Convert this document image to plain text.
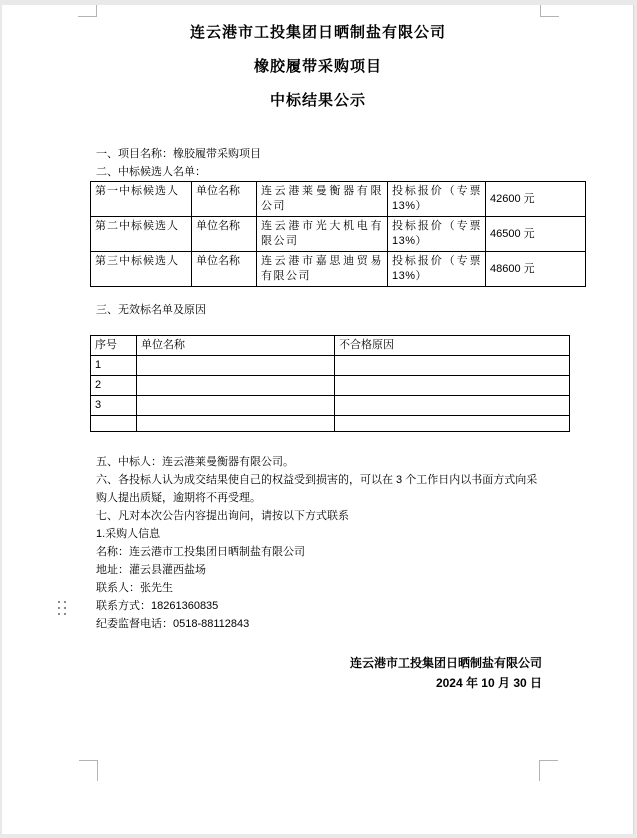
连云港市工投集团日晒制盐有限公司
橡胶履带采购项目
中标结果公示
一、项目名称：橡胶履带采购项目
二、中标候选人名单：
第一中标候选人	单位名称	连云港莱曼衡器有限公司	投标报价（专票13%）	42600 元
第二中标候选人	单位名称	连云港市光大机电有限公司	投标报价（专票13%）	46500 元
第三中标候选人	单位名称	连云港市嘉思迪贸易有限公司	投标报价（专票13%）	48600 元
三、无效标名单及原因
序号	单位名称	不合格原因
1		
2		
3		

五、中标人：连云港莱曼衡器有限公司。

六、各投标人认为成交结果使自己的权益受到损害的，可以在 3 个工作日内以书面方式向采购人提出质疑，逾期将不再受理。

七、凡对本次公告内容提出询问，请按以下方式联系

1.采购人信息

名称：连云港市工投集团日晒制盐有限公司

地址：灌云县灌西盐场

联系人：张先生

联系方式：18261360835

纪委监督电话：0518-88112843

连云港市工投集团日晒制盐有限公司
2024 年 10 月 30 日
